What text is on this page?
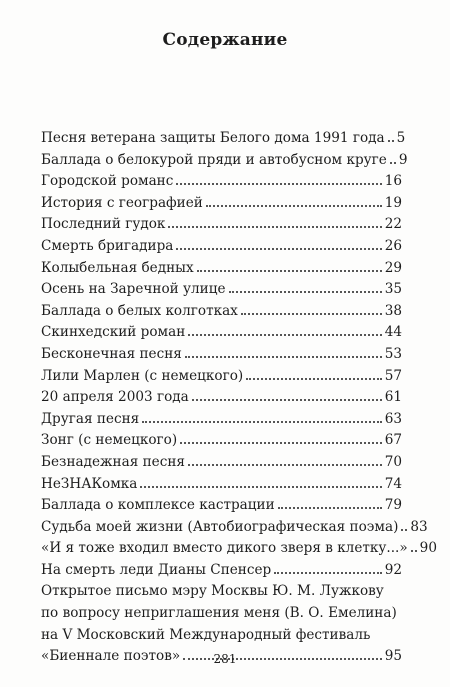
Содержание
Песня ветерана защиты Белого дома 1991 года 5
Баллада о белокурой пряди и автобусном круге 9
Городской романс	16
История с географией	19
Последний гудок	22
Смерть бригадира	26
Колыбельная бедных	29
Осень на Заречной улице	35
Баллада о белых колготках	38
Скинхедский роман	44
Бесконечная песня	53
Лили Марлен (с немецкого)	57
20 апреля 2003 года	61
Другая песня	63
Зонг (с немецкого)	67
Безнадежная песня	70
НеЗНАКомка	74
Баллада о комплексе кастрации	79
Судьба моей жизни (Автобиографическая поэма) 83
«И я тоже входил вместо дикого зверя в клетку...» 90
На смерть леди Дианы Спенсер	92
Открытое письмо мэру Москвы Ю. М. Лужкову
по вопросу неприглашения меня (В. О. Емелина)
на V Московский Международный фестиваль
«Биеннале поэтов»	95
281
